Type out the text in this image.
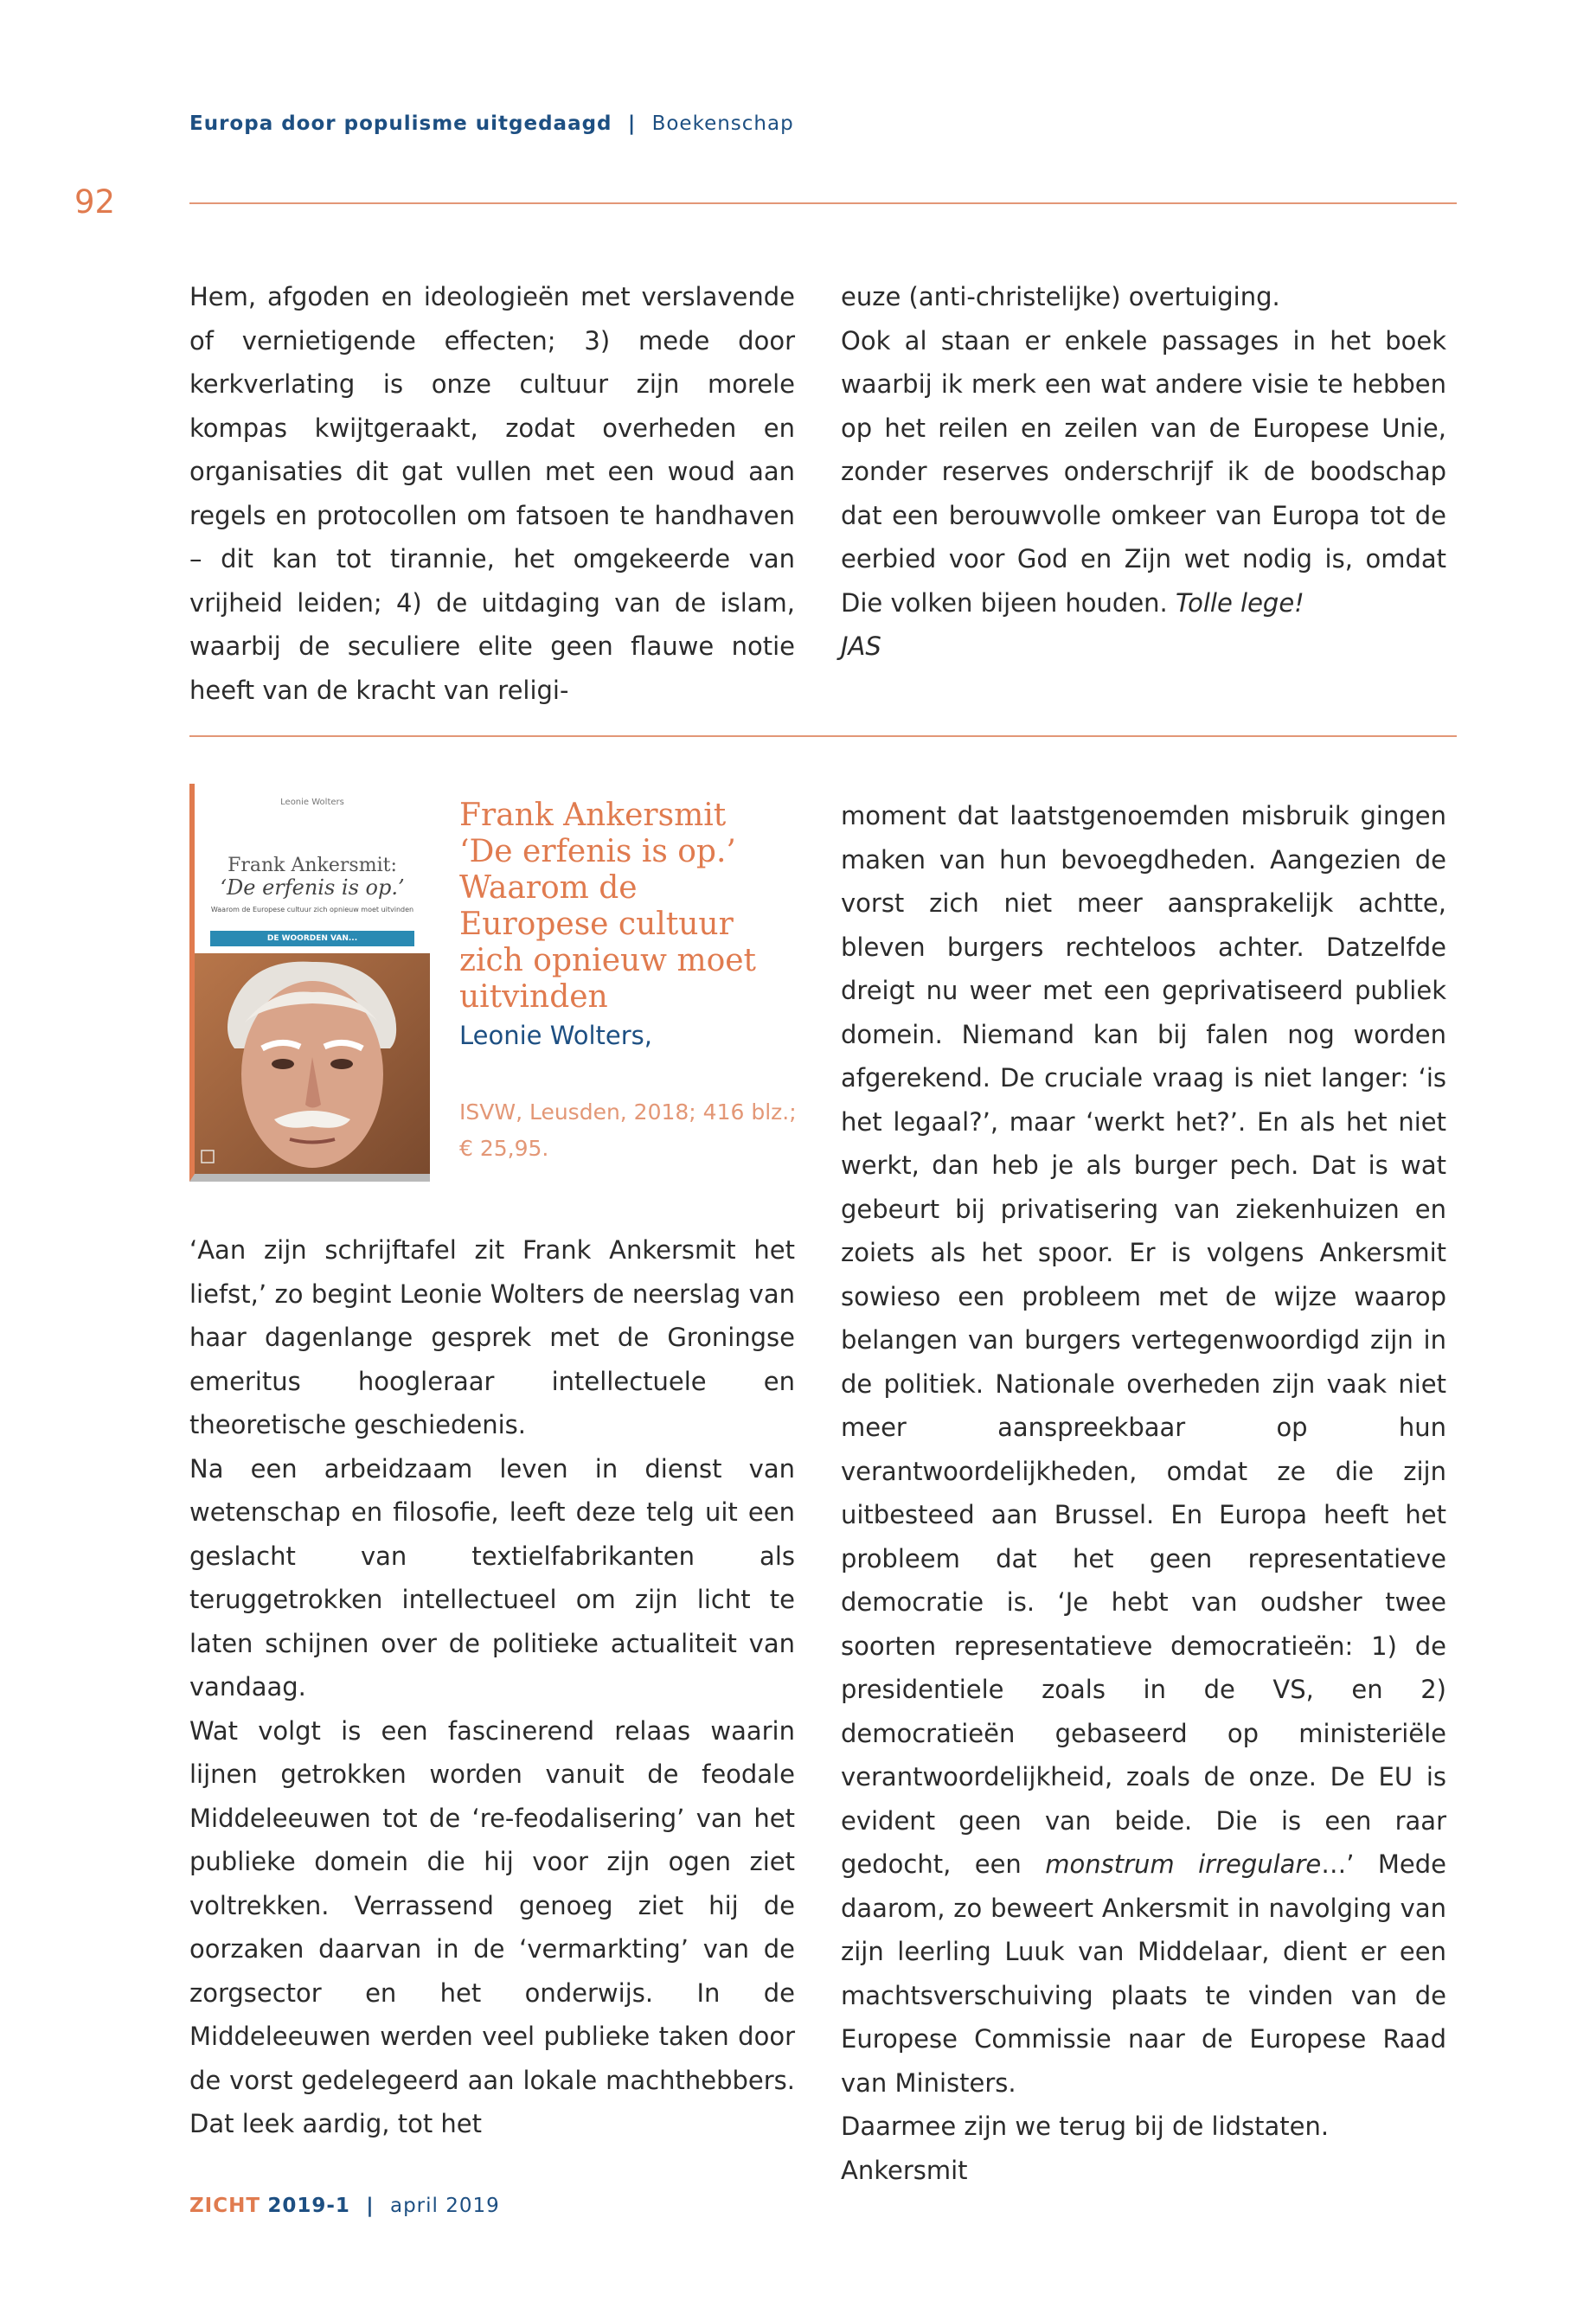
Europa door populisme uitgedaagd | Boekenschap
92

Hem, afgoden en ideologieën met verslavende of vernietigende effecten; 3) mede door kerkverlating is onze cultuur zijn morele kompas kwijtgeraakt, zodat overheden en organisaties dit gat vullen met een woud aan regels en protocollen om fatsoen te handhaven – dit kan tot tirannie, het omgekeerde van vrijheid leiden; 4) de uitdaging van de islam, waarbij de seculiere elite geen flauwe notie heeft van de kracht van religi-

euze (anti-christelijke) overtuiging.

Ook al staan er enkele passages in het boek waarbij ik merk een wat andere visie te hebben op het reilen en zeilen van de Europese Unie, zonder reserves onderschrijf ik de boodschap dat een berouwvolle omkeer van Europa tot de eerbied voor God en Zijn wet nodig is, omdat Die volken bijeen houden. Tolle lege!

JAS

Leonie Wolters
Frank Ankersmit:
‘De erfenis is op.’
Waarom de Europese cultuur zich opnieuw moet uitvinden
DE WOORDEN VAN...
Frank Ankersmit
‘De erfenis is op.’
Waarom de
Europese cultuur
zich opnieuw moet
uitvinden
Leonie Wolters,
ISVW, Leusden, 2018; 416 blz.;
€ 25,95.

‘Aan zijn schrijftafel zit Frank Ankersmit het liefst,’ zo begint Leonie Wolters de neerslag van haar dagenlange gesprek met de Groningse emeritus hoogleraar intellectuele en theoretische geschiedenis.

Na een arbeidzaam leven in dienst van wetenschap en filosofie, leeft deze telg uit een geslacht van textielfabrikanten als teruggetrokken intellectueel om zijn licht te laten schijnen over de politieke actualiteit van vandaag.

Wat volgt is een fascinerend relaas waarin lijnen getrokken worden vanuit de feodale Middeleeuwen tot de ‘re-feodalisering’ van het publieke domein die hij voor zijn ogen ziet voltrekken. Verrassend genoeg ziet hij de oorzaken daarvan in de ‘vermarkting’ van de zorgsector en het onderwijs. In de Middeleeuwen werden veel publieke taken door de vorst gedelegeerd aan lokale machthebbers. Dat leek aardig, tot het

moment dat laatstgenoemden misbruik gingen maken van hun bevoegdheden. Aangezien de vorst zich niet meer aansprakelijk achtte, bleven burgers rechteloos achter. Datzelfde dreigt nu weer met een geprivatiseerd publiek domein. Niemand kan bij falen nog worden afgerekend. De cruciale vraag is niet langer: ‘is het legaal?’, maar ‘werkt het?’. En als het niet werkt, dan heb je als burger pech. Dat is wat gebeurt bij privatisering van ziekenhuizen en zoiets als het spoor. Er is volgens Ankersmit sowieso een probleem met de wijze waarop belangen van burgers vertegenwoordigd zijn in de politiek. Nationale overheden zijn vaak niet meer aanspreekbaar op hun verantwoordelijkheden, omdat ze die zijn uitbesteed aan Brussel. En Europa heeft het probleem dat het geen representatieve democratie is. ‘Je hebt van oudsher twee soorten representatieve democratieën: 1) de presidentiele zoals in de VS, en 2) democratieën gebaseerd op ministeriële verantwoordelijkheid, zoals de onze. De EU is evident geen van beide. Die is een raar gedocht, een monstrum irregulare…’ Mede daarom, zo beweert Ankersmit in navolging van zijn leerling Luuk van Middelaar, dient er een machtsverschuiving plaats te vinden van de Europese Commissie naar de Europese Raad van Ministers.

Daarmee zijn we terug bij de lidstaten. Ankersmit

ZICHT 2019-1 | april 2019
